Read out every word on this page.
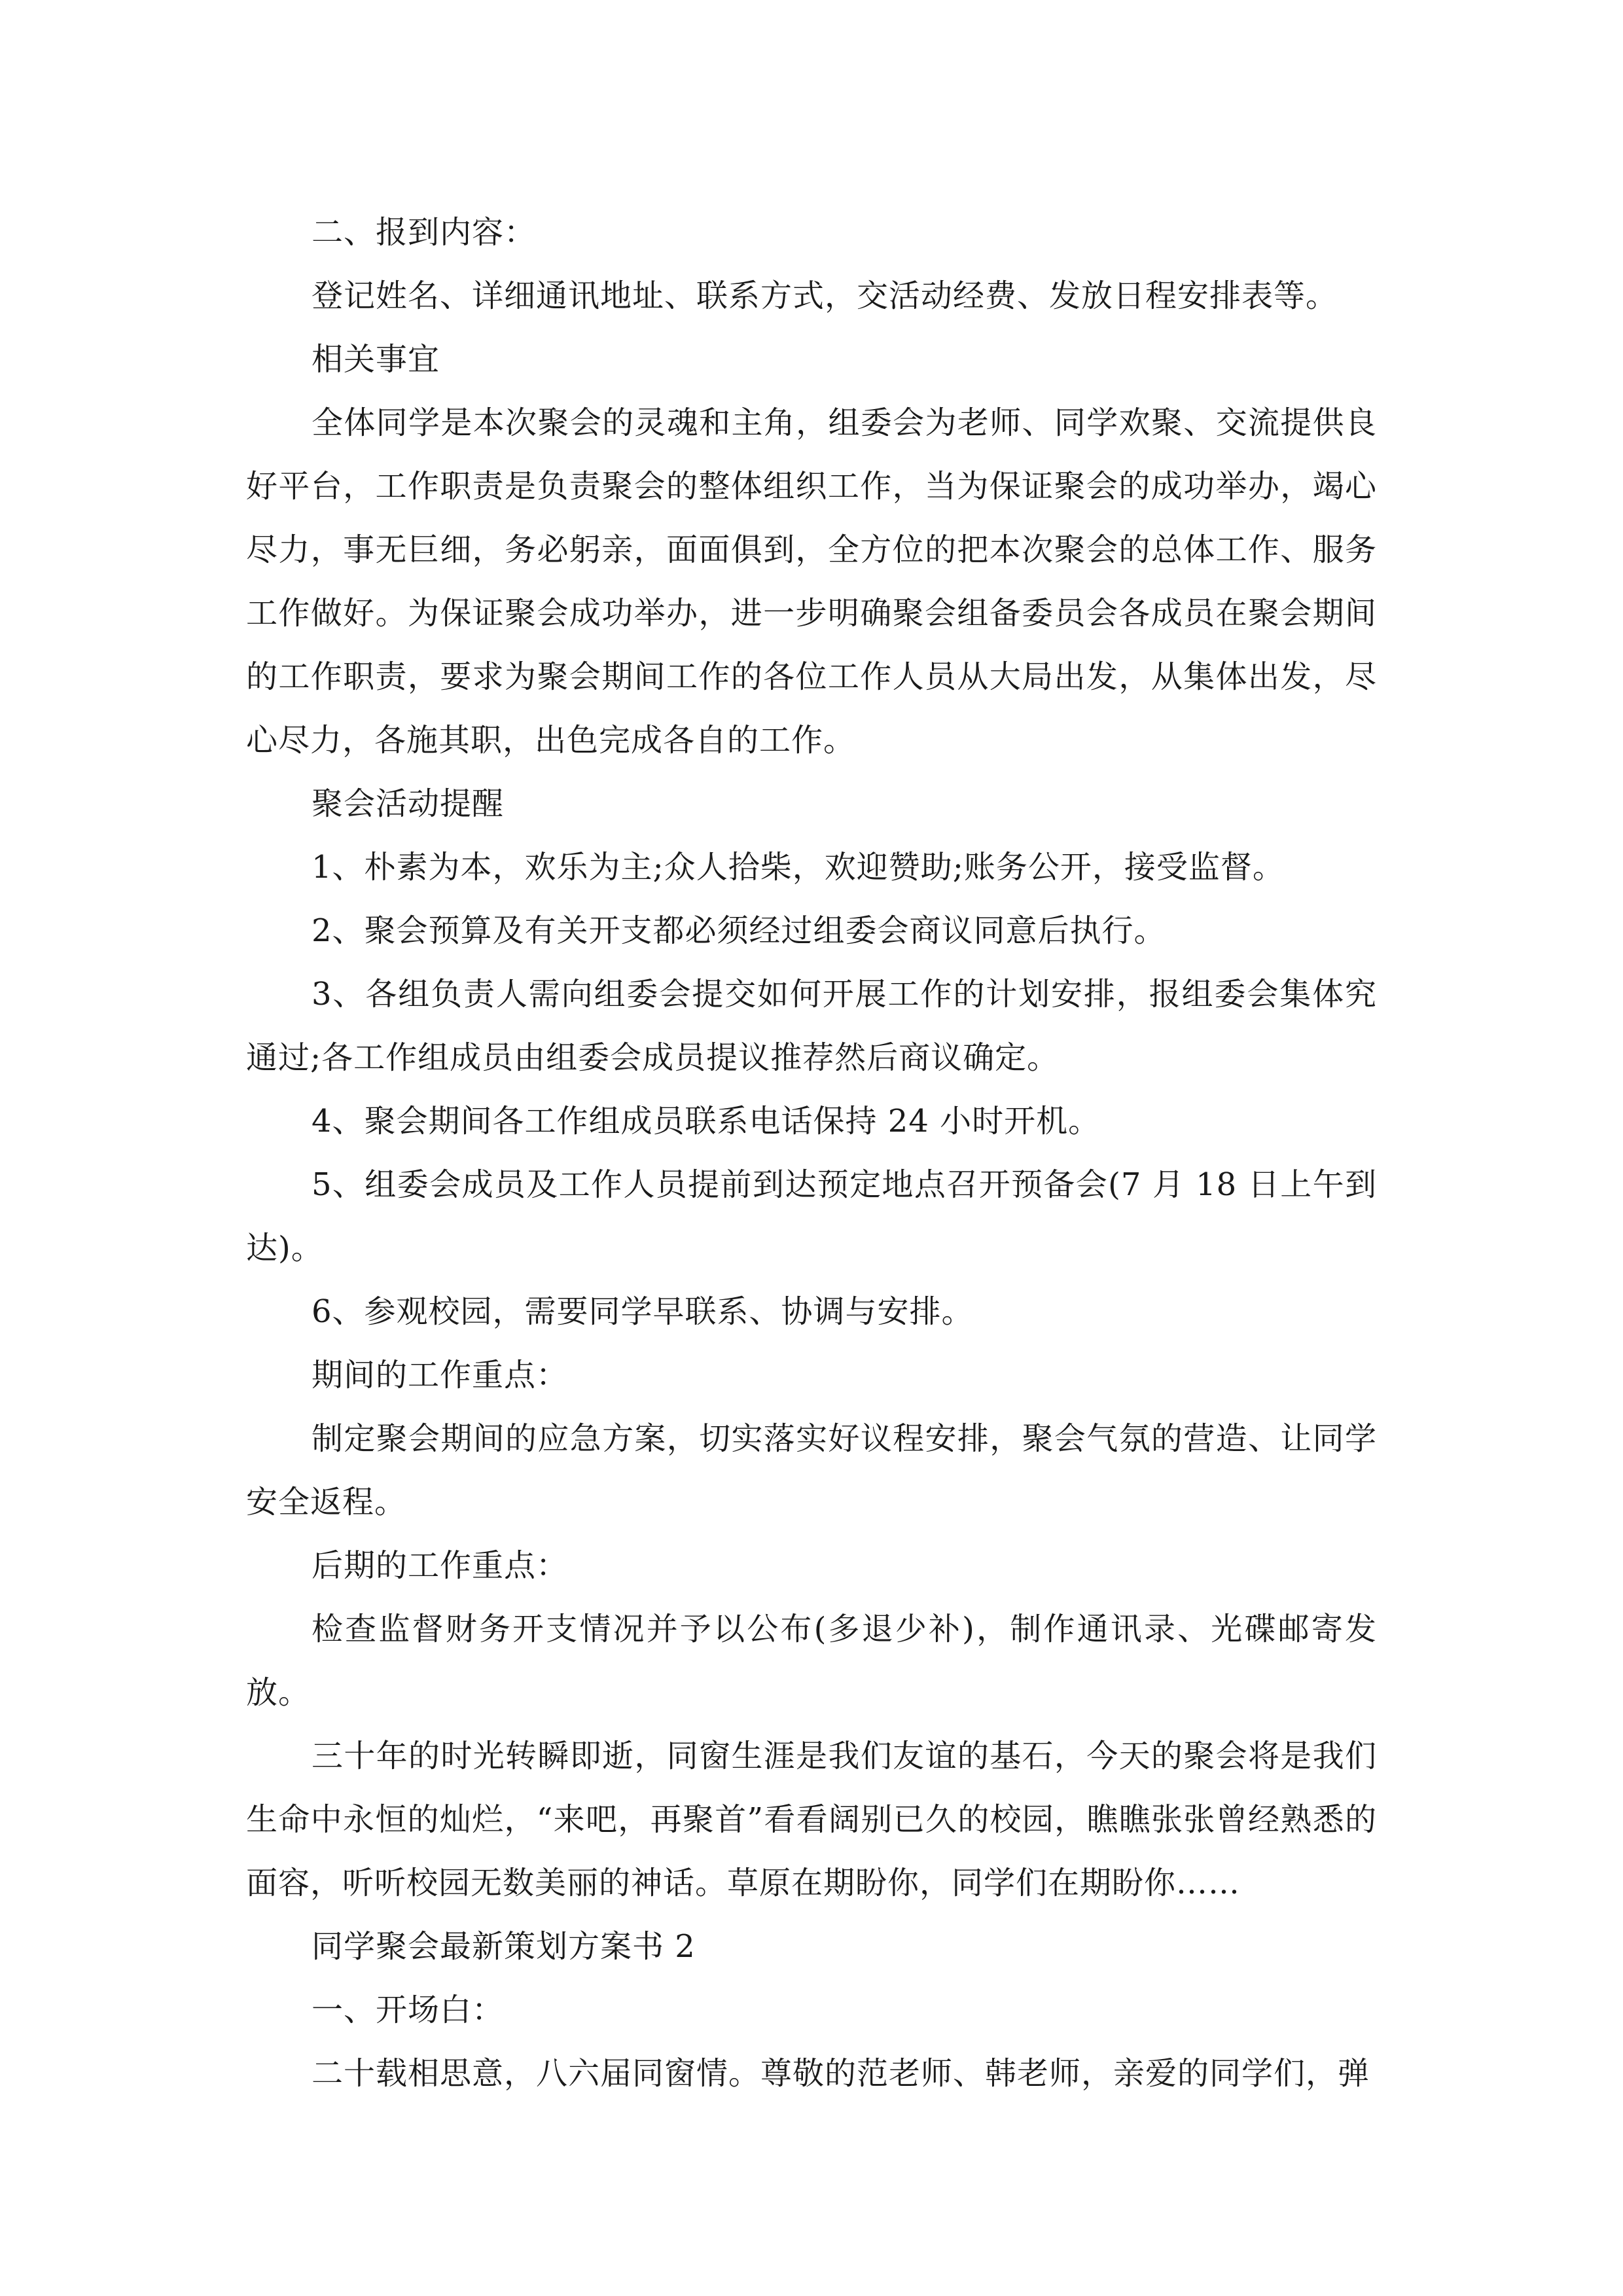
二、报到内容：

登记姓名、详细通讯地址、联系方式，交活动经费、发放日程安排表等。

相关事宜

全体同学是本次聚会的灵魂和主角，组委会为老师、同学欢聚、交流提供良好平台，工作职责是负责聚会的整体组织工作，当为保证聚会的成功举办，竭心尽力，事无巨细，务必躬亲，面面俱到，全方位的把本次聚会的总体工作、服务工作做好。为保证聚会成功举办，进一步明确聚会组备委员会各成员在聚会期间的工作职责，要求为聚会期间工作的各位工作人员从大局出发，从集体出发，尽心尽力，各施其职，出色完成各自的工作。

聚会活动提醒

1、朴素为本，欢乐为主;众人拾柴，欢迎赞助;账务公开，接受监督。

2、聚会预算及有关开支都必须经过组委会商议同意后执行。

3、各组负责人需向组委会提交如何开展工作的计划安排，报组委会集体究通过;各工作组成员由组委会成员提议推荐然后商议确定。

4、聚会期间各工作组成员联系电话保持 24 小时开机。

5、组委会成员及工作人员提前到达预定地点召开预备会(7 月 18 日上午到达)。

6、参观校园，需要同学早联系、协调与安排。

期间的工作重点：

制定聚会期间的应急方案，切实落实好议程安排，聚会气氛的营造、让同学安全返程。

后期的工作重点：

检查监督财务开支情况并予以公布(多退少补)，制作通讯录、光碟邮寄发放。

三十年的时光转瞬即逝，同窗生涯是我们友谊的基石，今天的聚会将是我们生命中永恒的灿烂，“来吧，再聚首”看看阔别已久的校园，瞧瞧张张曾经熟悉的面容，听听校园无数美丽的神话。草原在期盼你，同学们在期盼你……

同学聚会最新策划方案书 2

一、开场白：

二十载相思意，八六届同窗情。尊敬的范老师、韩老师，亲爱的同学们，弹
